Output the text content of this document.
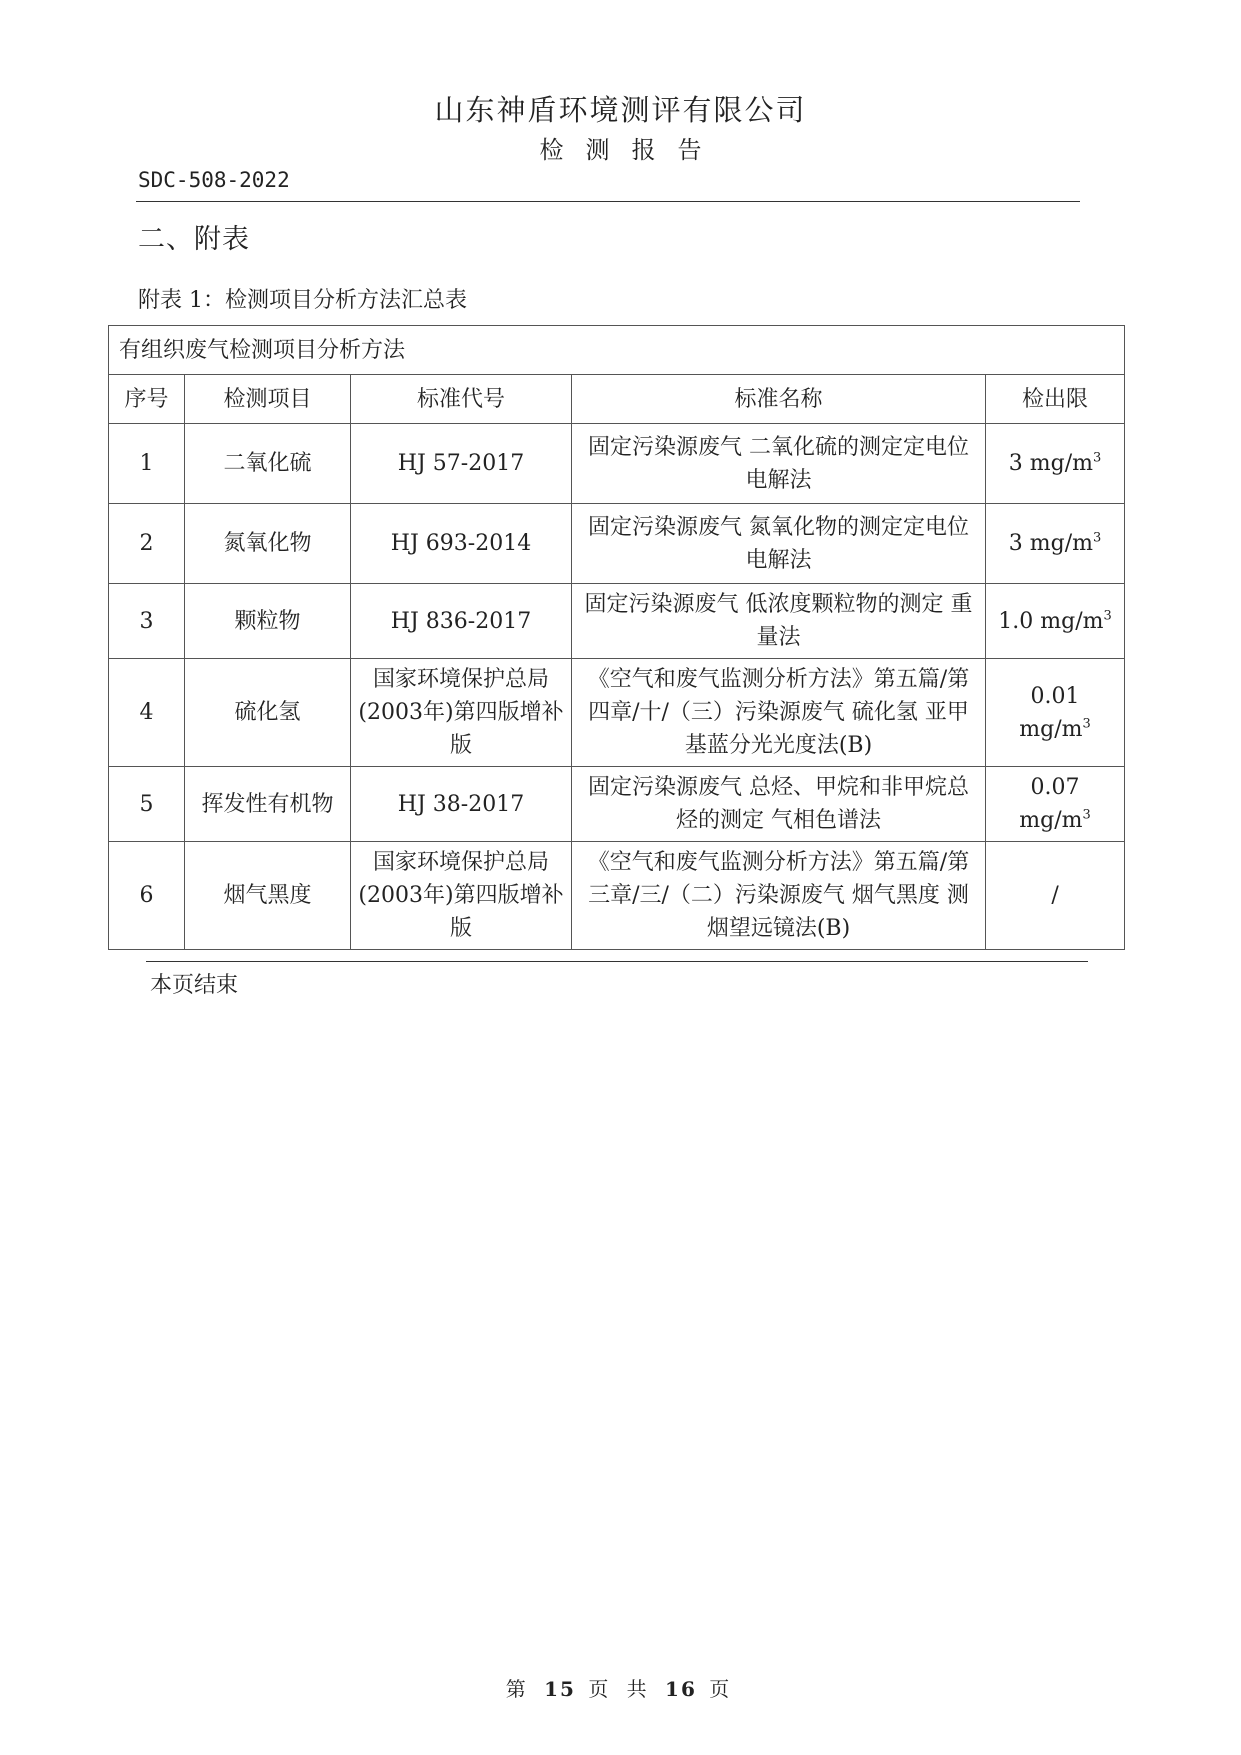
山东神盾环境测评有限公司
检测报告
SDC-508-2022
二、附表
附表 1：检测项目分析方法汇总表
有组织废气检测项目分析方法				
序号	检测项目	标准代号	标准名称	检出限
1	二氧化硫	HJ 57-2017	固定污染源废气 二氧化硫的测定定电位电解法	3 $mg/m^3$
2	氮氧化物	HJ 693-2014	固定污染源废气 氮氧化物的测定定电位电解法	3 $mg/m^3$
3	颗粒物	HJ 836-2017	固定污染源废气 低浓度颗粒物的测定 重量法	1.0 $mg/m^3$
4	硫化氢	国家环境保护总局(2003年)第四版增补版	《空气和废气监测分析方法》第五篇/第四章/十/（三）污染源废气 硫化氢 亚甲基蓝分光光度法(B)	0.01 $mg/m^3$
5	挥发性有机物	HJ 38-2017	固定污染源废气 总烃、甲烷和非甲烷总烃的测定 气相色谱法	0.07 $mg/m^3$
6	烟气黑度	国家环境保护总局(2003年)第四版增补版	《空气和废气监测分析方法》第五篇/第三章/三/（二）污染源废气 烟气黑度 测烟望远镜法(B)	/
本页结束
第 15 页 共 16 页
